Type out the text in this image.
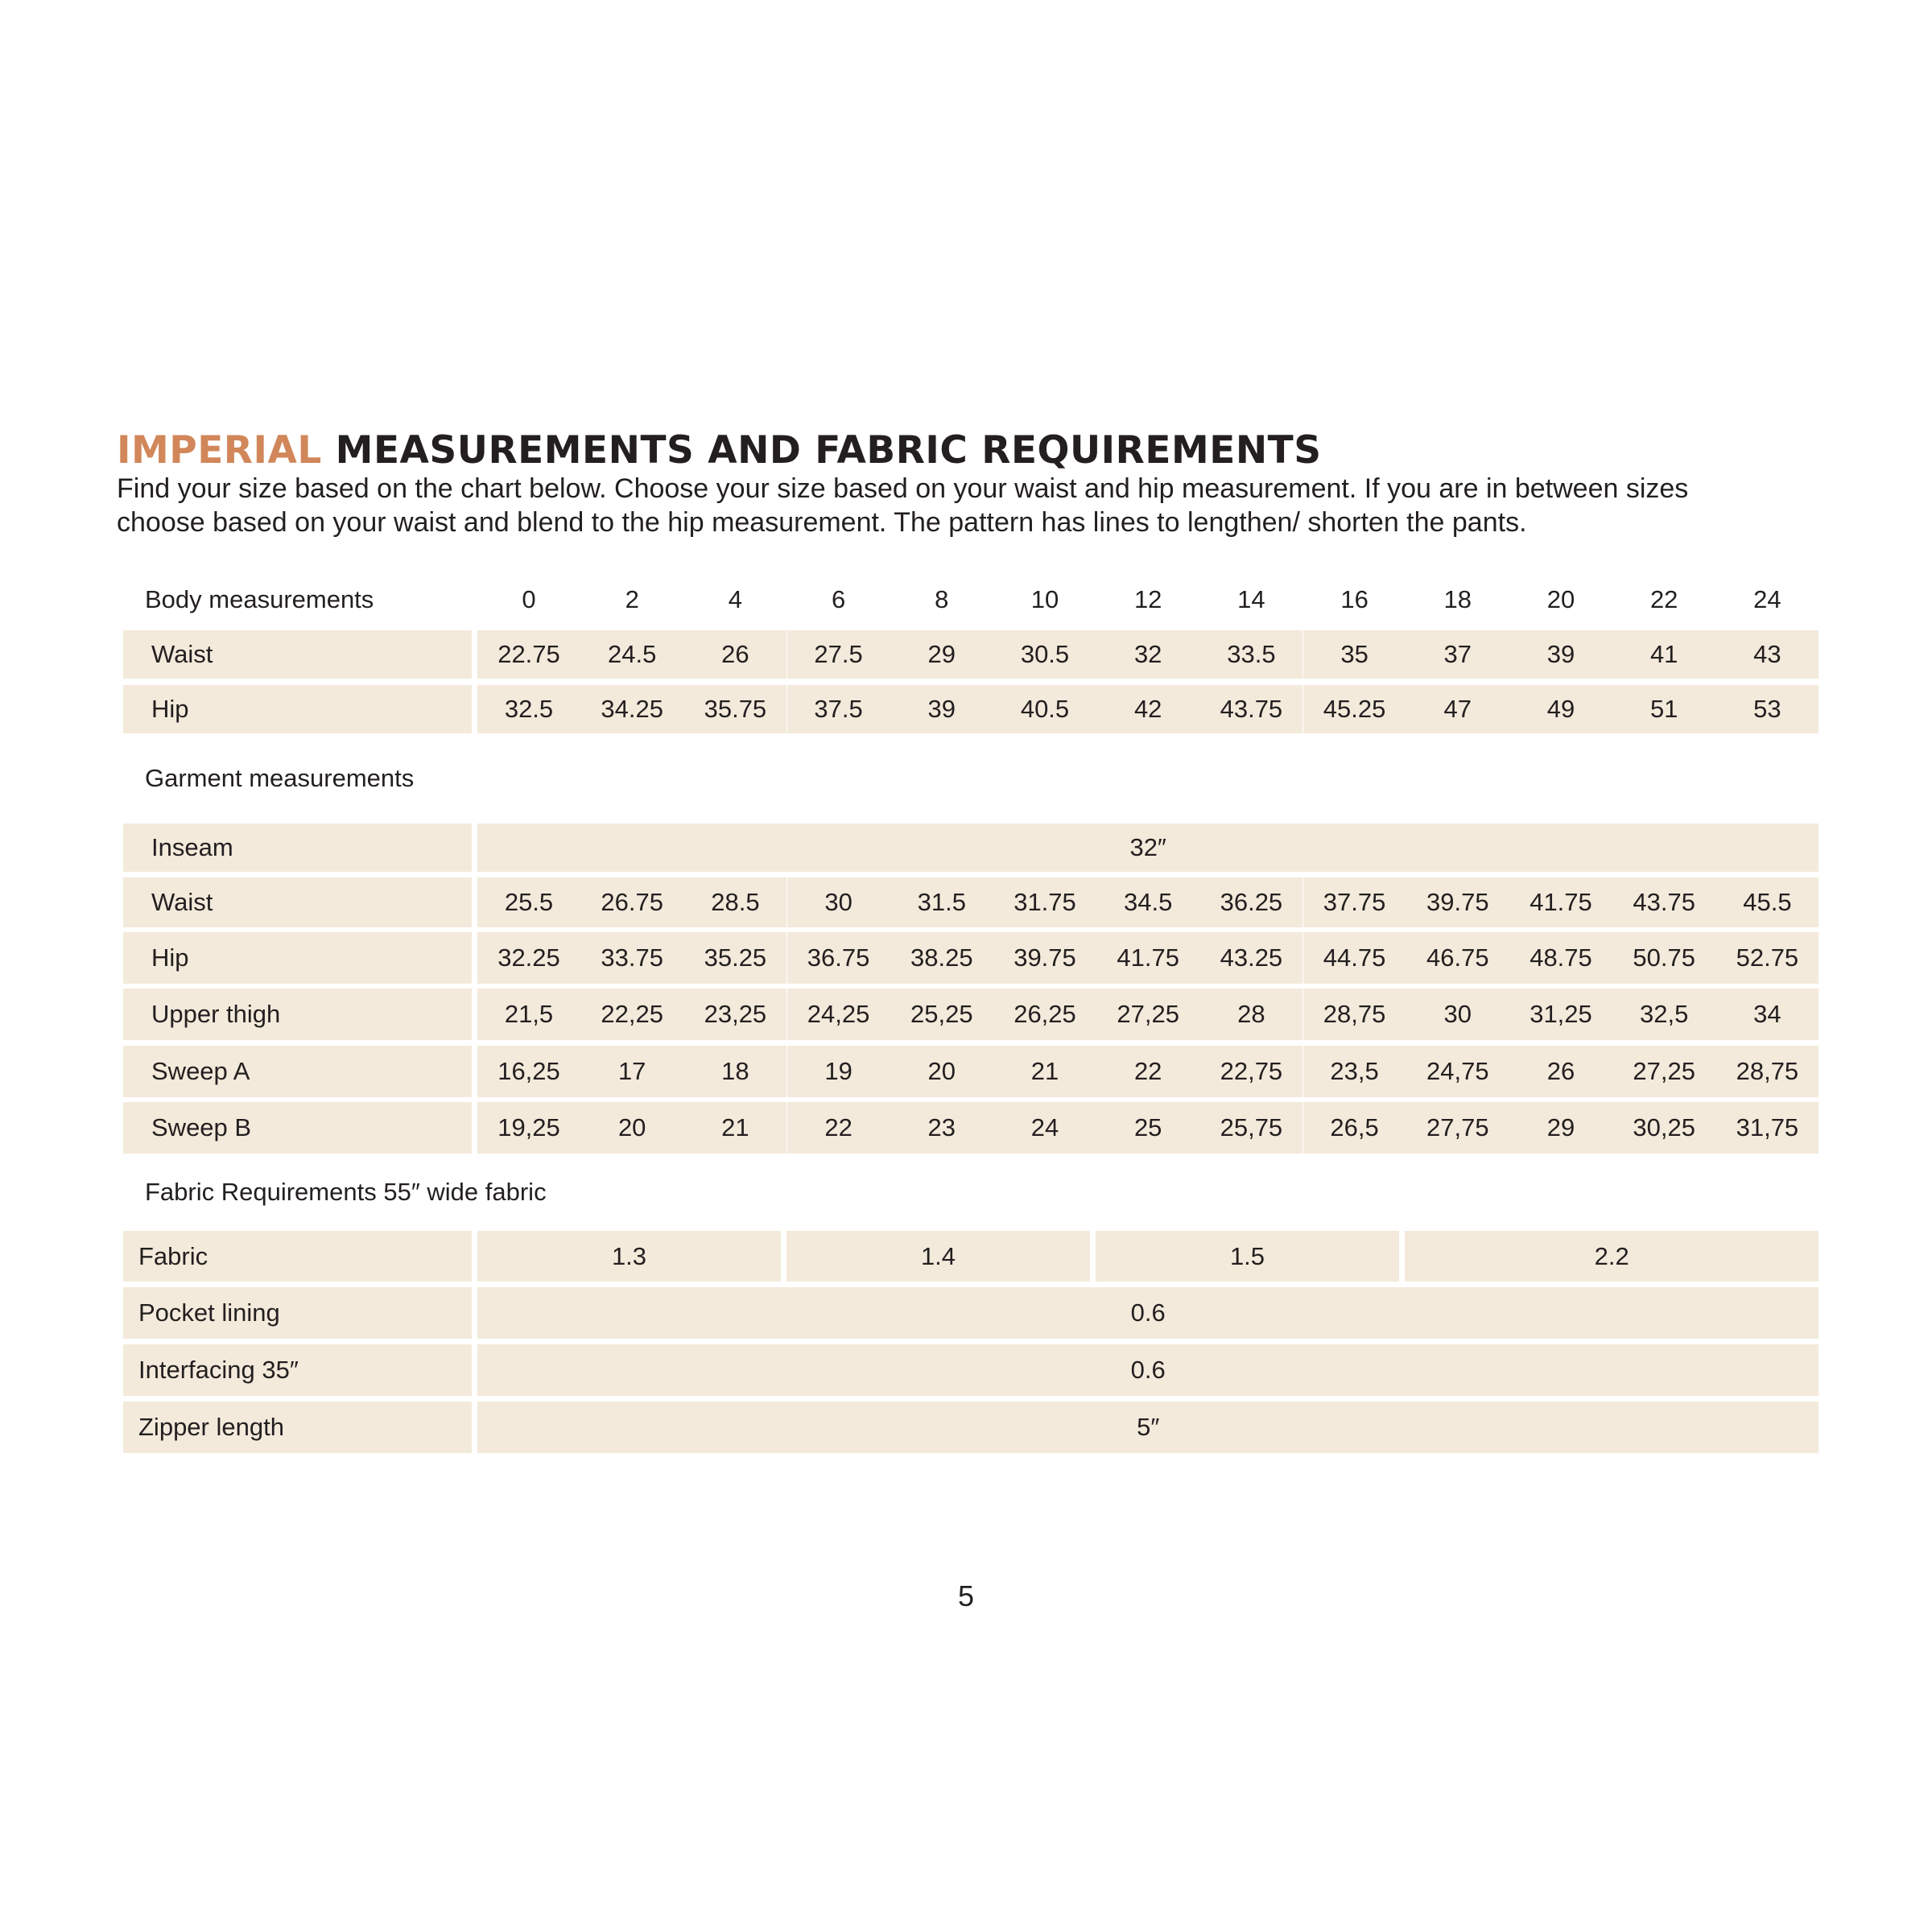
IMPERIAL MEASUREMENTS AND FABRIC REQUIREMENTS

Find your size based on the chart below. Choose your size based on your waist and hip measurement. If you are in between sizes
choose based on your waist and blend to the hip measurement. The pattern has lines to lengthen/ shorten the pants.

Body measurements	0	2	4	6	8	10	12	14	16	18	20	22	24
Waist	22.75	24.5	26	27.5	29	30.5	32	33.5	35	37	39	41	43
Hip	32.5	34.25	35.75	37.5	39	40.5	42	43.75	45.25	47	49	51	53
Garment measurements
Inseam	32″
Waist	25.5	26.75	28.5	30	31.5	31.75	34.5	36.25	37.75	39.75	41.75	43.75	45.5
Hip	32.25	33.75	35.25	36.75	38.25	39.75	41.75	43.25	44.75	46.75	48.75	50.75	52.75
Upper thigh	21,5	22,25	23,25	24,25	25,25	26,25	27,25	28	28,75	30	31,25	32,5	34
Sweep A	16,25	17	18	19	20	21	22	22,75	23,5	24,75	26	27,25	28,75
Sweep B	19,25	20	21	22	23	24	25	25,75	26,5	27,75	29	30,25	31,75
Fabric Requirements 55″ wide fabric
Fabric	1.3	1.4	1.5	2.2
Pocket lining	0.6
Interfacing 35″	0.6
Zipper length	5″
5
